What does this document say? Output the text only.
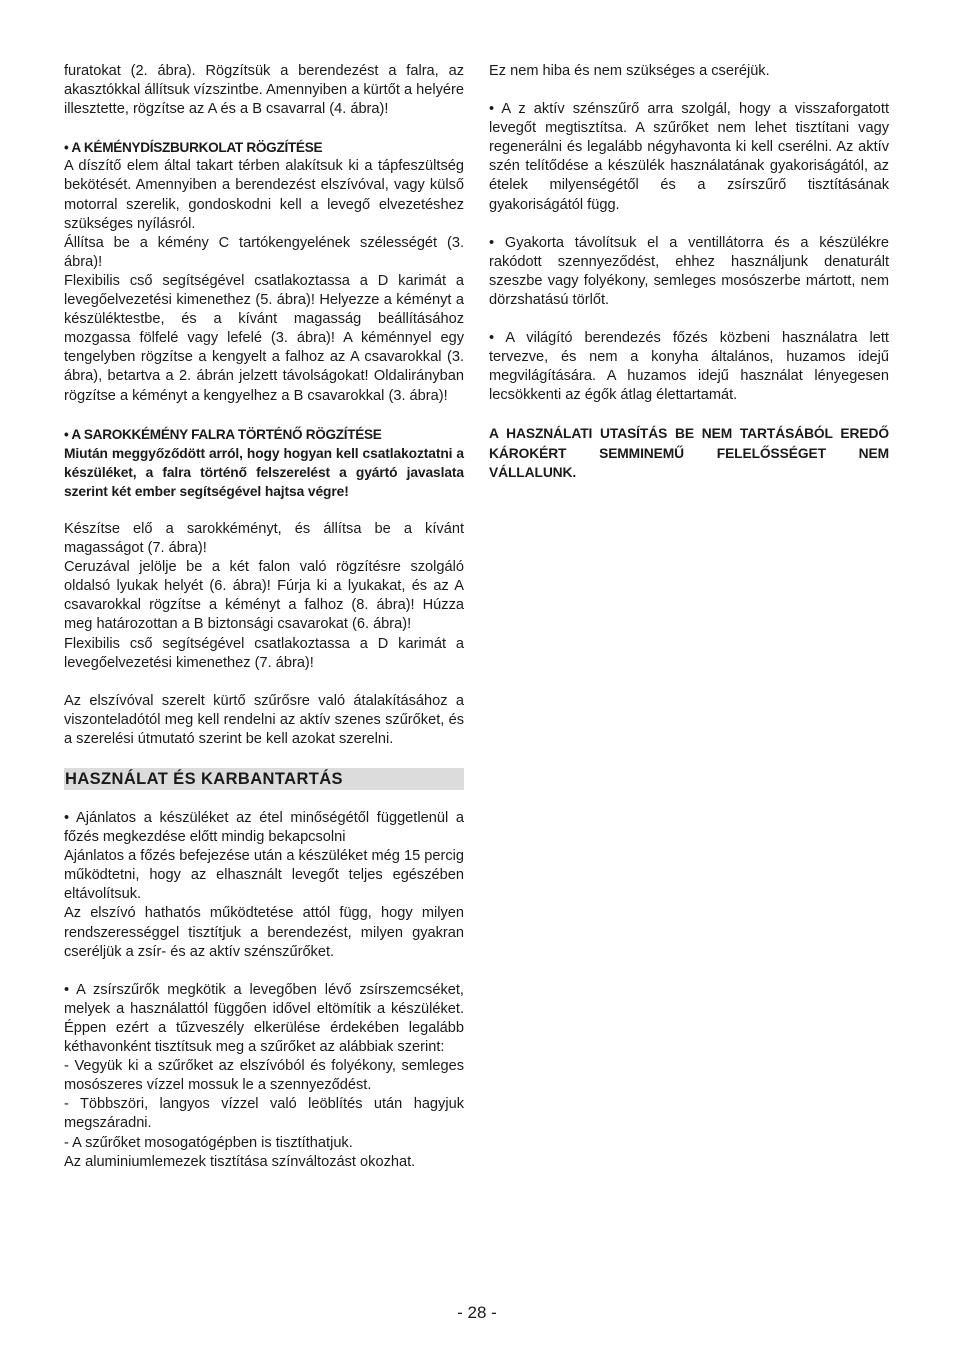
furatokat (2. ábra). Rögzítsük a berendezést a falra, az akasztókkal állítsuk vízszintbe. Amennyiben a kürtőt a helyére illesztette, rögzítse az A és a B csavarral (4. ábra)!

• A KÉMÉNYDÍSZBURKOLAT RÖGZÍTÉSE

A díszítő elem által takart térben alakítsuk ki a tápfeszültség bekötését. Amennyiben a berendezést elszívóval, vagy külső motorral szerelik, gondoskodni kell a levegő elvezetéshez szükséges nyílásról.

Állítsa be a kémény C tartókengyelének szélességét (3. ábra)!

Flexibilis cső segítségével csatlakoztassa a D karimát a levegőelvezetési kimenethez (5. ábra)! Helyezze a kéményt a készüléktestbe, és a kívánt magasság beállításához mozgassa fölfelé vagy lefelé (3. ábra)! A kéménnyel egy tengelyben rögzítse a kengyelt a falhoz az A csavarokkal (3. ábra), betartva a 2. ábrán jelzett távolságokat! Oldalirányban rögzítse a kéményt a kengyelhez a B csavarokkal (3. ábra)!

• A SAROKKÉMÉNY FALRA TÖRTÉNŐ RÖGZÍTÉSE

Miután meggyőződött arról, hogy hogyan kell csatlakoztatni a készüléket, a falra történő felszerelést a gyártó javaslata szerint két ember segítségével hajtsa végre!

Készítse elő a sarokkéményt, és állítsa be a kívánt magasságot (7. ábra)!

Ceruzával jelölje be a két falon való rögzítésre szolgáló oldalsó lyukak helyét (6. ábra)! Fúrja ki a lyukakat, és az A csavarokkal rögzítse a kéményt a falhoz (8. ábra)! Húzza meg határozottan a B biztonsági csavarokat (6. ábra)!

Flexibilis cső segítségével csatlakoztassa a D karimát a levegőelvezetési kimenethez (7. ábra)!

Az elszívóval szerelt kürtő szűrősre való átalakításához a viszonteladótól meg kell rendelni az aktív szenes szűrőket, és a szerelési útmutató szerint be kell azokat szerelni.

HASZNÁLAT ÉS KARBANTARTÁS

• Ajánlatos a készüléket az étel minőségétől függetlenül a főzés megkezdése előtt mindig bekapcsolni

Ajánlatos a főzés befejezése után a készüléket még 15 percig működtetni, hogy az elhasznált levegőt teljes egészében eltávolítsuk.

Az elszívó hathatós működtetése attól függ, hogy milyen rendszerességgel tisztítjuk a berendezést, milyen gyakran cseréljük a zsír- és az aktív szénszűrőket.

• A zsírszűrők megkötik a levegőben lévő zsírszemcséket, melyek a használattól függően idővel eltömítik a készüléket. Éppen ezért a tűzveszély elkerülése érdekében legalább kéthavonként tisztítsuk meg a szűrőket az alábbiak szerint:

- Vegyük ki a szűrőket az elszívóból és folyékony, semleges mosószeres vízzel mossuk le a szennyeződést.

- Többszöri, langyos vízzel való leöblítés után hagyjuk megszáradni.

- A szűrőket mosogatógépben is tisztíthatjuk.

Az aluminiumlemezek tisztítása színváltozást okozhat.

Ez nem hiba és nem szükséges a cseréjük.

• A z aktív szénszűrő arra szolgál, hogy a visszaforgatott levegőt megtisztítsa. A szűrőket nem lehet tisztítani vagy regenerálni és legalább négyhavonta ki kell cserélni. Az aktív szén telítődése a készülék használatának gyakoriságától, az ételek milyenségétől és a zsírszűrő tisztításának gyakoriságától függ.

• Gyakorta távolítsuk el a ventillátorra és a készülékre rakódott szennyeződést, ehhez használjunk denaturált szeszbe vagy folyékony, semleges mosószerbe mártott, nem dörzshatású törlőt.

• A világító berendezés főzés közbeni használatra lett tervezve, és nem a konyha általános, huzamos idejű megvilágítására. A huzamos idejű használat lényegesen lecsökkenti az égők átlag élettartamát.

A HASZNÁLATI UTASÍTÁS BE NEM TARTÁSÁBÓL EREDŐ KÁROKÉRT SEMMINEMŰ FELELŐSSÉGET NEM VÁLLALUNK.

- 28 -
